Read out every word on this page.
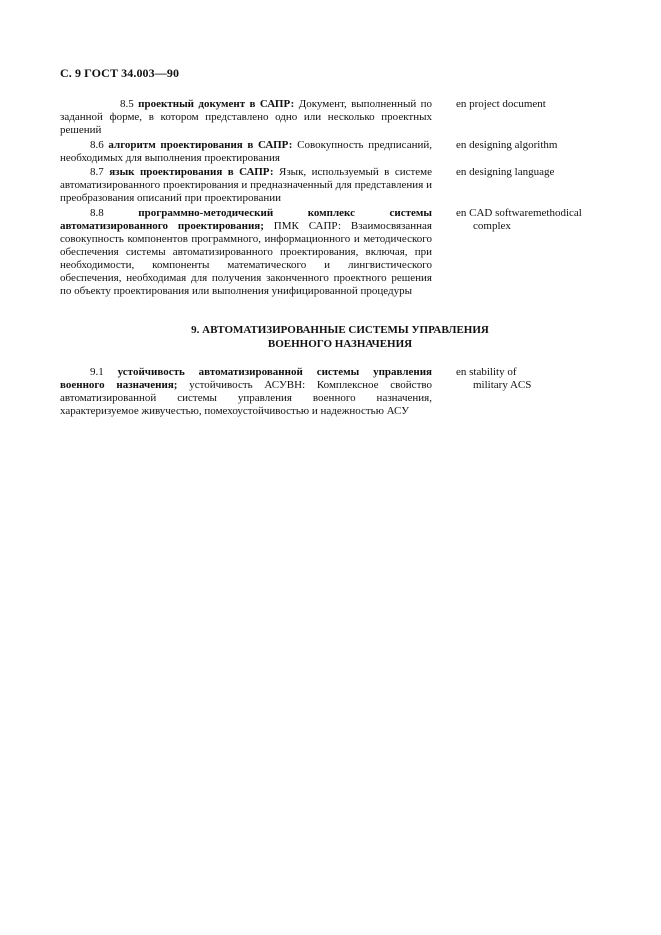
С. 9 ГОСТ 34.003—90
8.5 проектный документ в САПР: Документ, выполненный по заданной форме, в котором представлено одно или несколько проектных решений
en project document
8.6 алгоритм проектирования в САПР: Совокупность предписаний, необходимых для выполнения проектирования
en designing algorithm
8.7 язык проектирования в САПР: Язык, используемый в системе автоматизированного проектирования и предназначенный для представления и преобразования описаний при проектировании
en designing language
8.8	программно-методический комплекс системы автоматизированного проектирования; ПМК САПР: Взаимосвязанная совокупность компонентов программного, информационного и методического обеспечения системы автоматизированного проектирования, включая, при необходимости, компоненты математического и лингвистического обеспечения, необходимая для получения законченного проектного решения по объекту проектирования или выполнения унифицированной процедуры
en CAD softwaremethodical
complex
9. АВТОМАТИЗИРОВАННЫЕ СИСТЕМЫ УПРАВЛЕНИЯ
ВОЕННОГО НАЗНАЧЕНИЯ
9.1 устойчивость автоматизированной системы управления военного назначения; устойчивость АСУВН: Комплексное свойство автоматизированной системы управления военного назначения, характеризуемое живучестью, помехоустойчивостью и надежностью АСУ
en stability of
military ACS
